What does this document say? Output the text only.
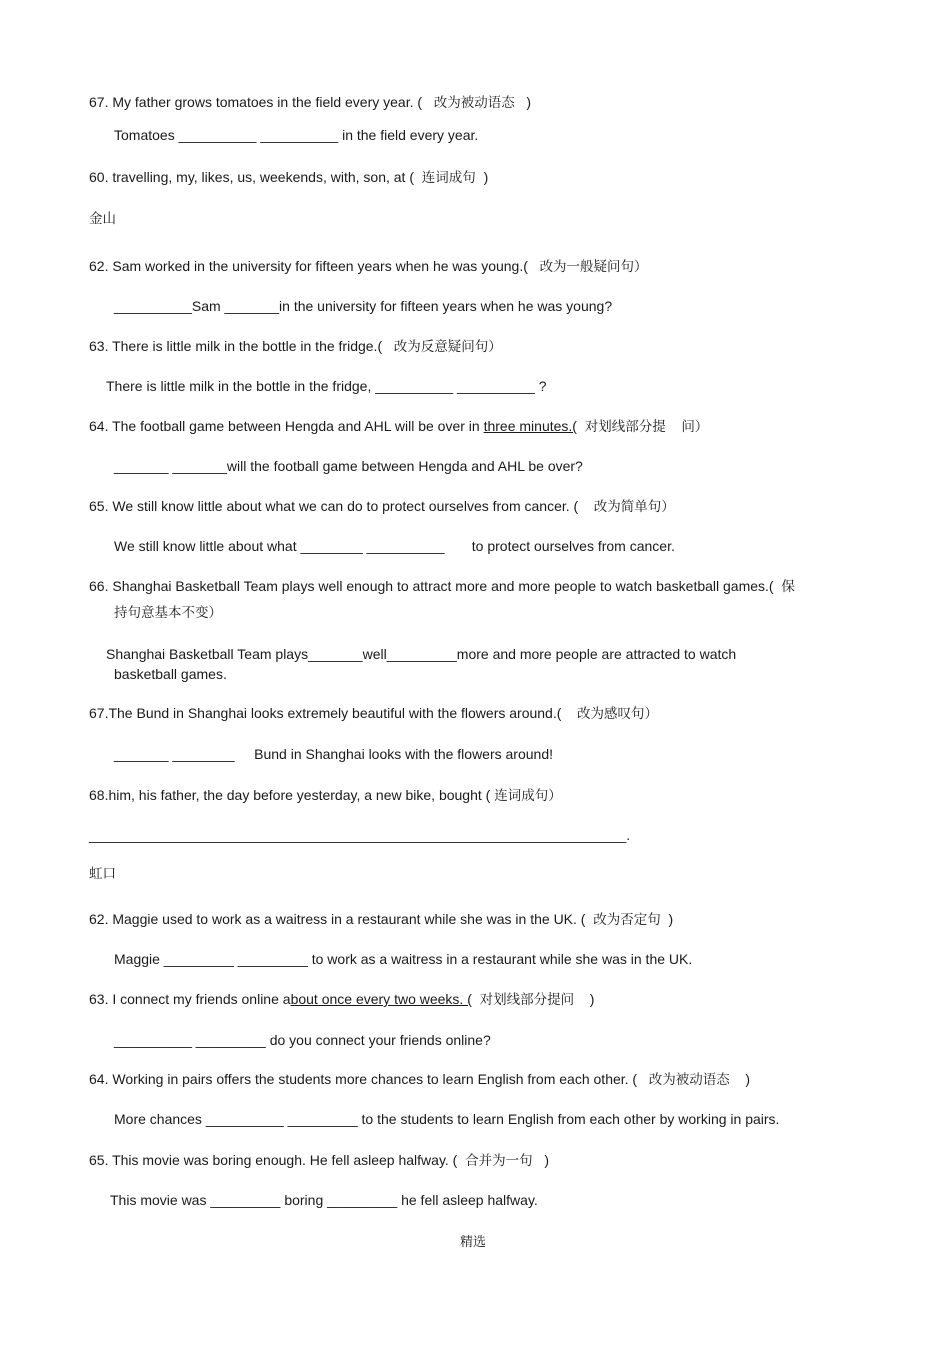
67. My father grows tomatoes in the field every year. ( 改为被动语态 )
Tomatoes __________ __________ in the field every year.
60. travelling, my, likes, us, weekends, with, son, at ( 连词成句 )
金山
62. Sam worked in the university for fifteen years when he was young.( 改为一般疑问句）
__________Sam _______in the university for fifteen years when he was young?
63. There is little milk in the bottle in the fridge.( 改为反意疑问句）
There is little milk in the bottle in the fridge, __________ __________ ?
64. The football game between Hengda and AHL will be over in three minutes.( 对划线部分提 问）
_______ _______will the football game between Hengda and AHL be over?
65. We still know little about what we can do to protect ourselves from cancer. ( 改为简单句）
We still know little about what ________ __________ to protect ourselves from cancer.
66. Shanghai Basketball Team plays well enough to attract more and more people to watch basketball games.( 保
持句意基本不变）
Shanghai Basketball Team plays_______well_________more and more people are attracted to watch
basketball games.
67.The Bund in Shanghai looks extremely beautiful with the flowers around.( 改为感叹句）
_______ ________ Bund in Shanghai looks with the flowers around!
68.him, his father, the day before yesterday, a new bike, bought ( 连词成句）
_____________________________________________________________________.
虹口
62. Maggie used to work as a waitress in a restaurant while she was in the UK. ( 改为否定句 )
Maggie _________ _________ to work as a waitress in a restaurant while she was in the UK.
63. I connect my friends online about once every two weeks. ( 对划线部分提问 )
__________ _________ do you connect your friends online?
64. Working in pairs offers the students more chances to learn English from each other. ( 改为被动语态 )
More chances __________ _________ to the students to learn English from each other by working in pairs.
65. This movie was boring enough. He fell asleep halfway. ( 合并为一句 )
This movie was _________ boring _________ he fell asleep halfway.
精选
